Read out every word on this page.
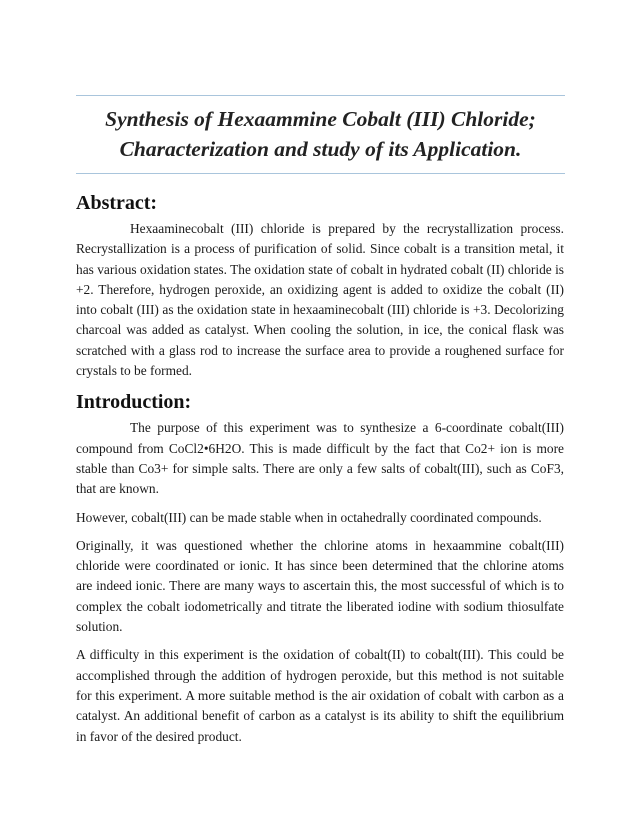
Synthesis of Hexaammine Cobalt (III) Chloride;
Characterization and study of its Application.
Abstract:

Hexaaminecobalt (III) chloride is prepared by the recrystallization process. Recrystallization is a process of purification of solid. Since cobalt is a transition metal, it has various oxidation states. The oxidation state of cobalt in hydrated cobalt (II) chloride is +2. Therefore, hydrogen peroxide, an oxidizing agent is added to oxidize the cobalt (II) into cobalt (III) as the oxidation state in hexaaminecobalt (III) chloride is +3. Decolorizing charcoal was added as catalyst. When cooling the solution, in ice, the conical flask was scratched with a glass rod to increase the surface area to provide a roughened surface for crystals to be formed.

Introduction:

The purpose of this experiment was to synthesize a 6-coordinate cobalt(III) compound from CoCl2•6H2O. This is made difficult by the fact that Co2+ ion is more stable than Co3+ for simple salts. There are only a few salts of cobalt(III), such as CoF3, that are known.

However, cobalt(III) can be made stable when in octahedrally coordinated compounds.

Originally, it was questioned whether the chlorine atoms in hexaammine cobalt(III) chloride were coordinated or ionic. It has since been determined that the chlorine atoms are indeed ionic. There are many ways to ascertain this, the most successful of which is to complex the cobalt iodometrically and titrate the liberated iodine with sodium thiosulfate solution.

A difficulty in this experiment is the oxidation of cobalt(II) to cobalt(III). This could be accomplished through the addition of hydrogen peroxide, but this method is not suitable for this experiment. A more suitable method is the air oxidation of cobalt with carbon as a catalyst. An additional benefit of carbon as a catalyst is its ability to shift the equilibrium in favor of the desired product.
